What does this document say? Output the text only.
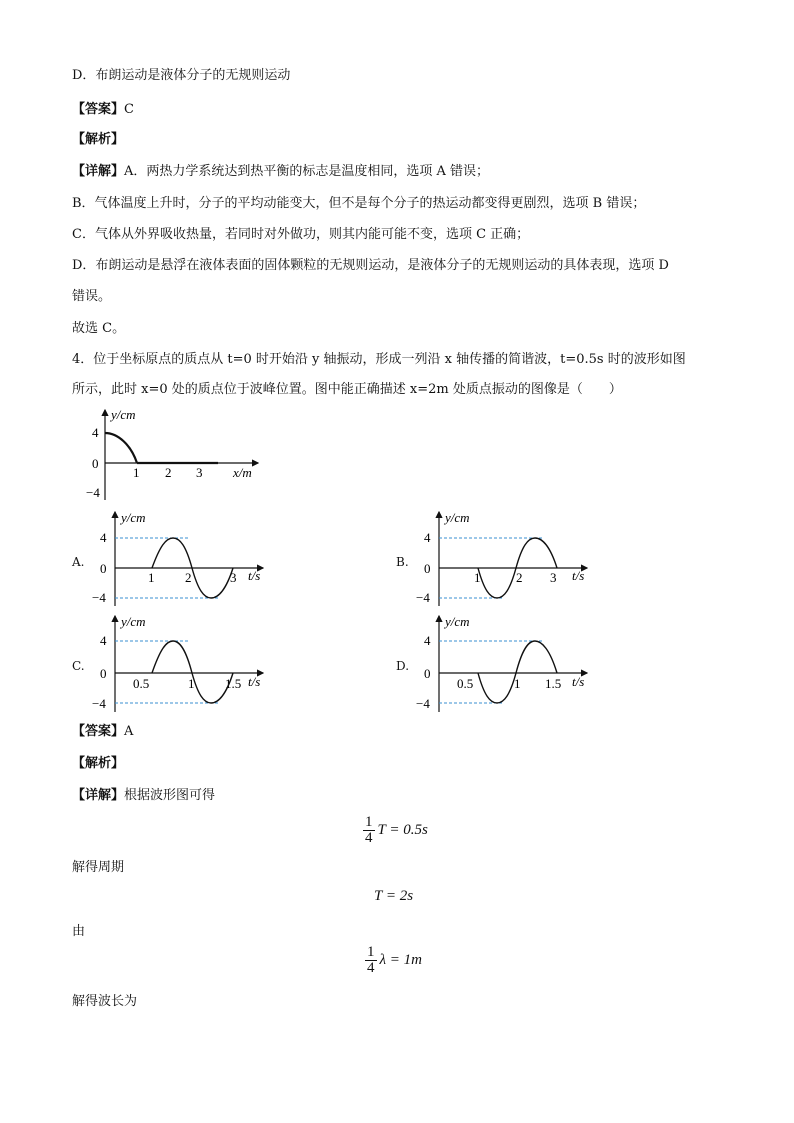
D．布朗运动是液体分子的无规则运动
【答案】C
【解析】
【详解】A．两热力学系统达到热平衡的标志是温度相同，选项 A 错误；
B．气体温度上升时，分子的平均动能变大，但不是每个分子的热运动都变得更剧烈，选项 B 错误；
C．气体从外界吸收热量，若同时对外做功，则其内能可能不变，选项 C 正确；
D．布朗运动是悬浮在液体表面的固体颗粒的无规则运动，是液体分子的无规则运动的具体表现，选项 D
错误。
故选 C。
4．位于坐标原点的质点从 t=0 时开始沿 y 轴振动，形成一列沿 x 轴传播的简谐波，t=0.5s 时的波形如图
所示，此时 x=0 处的质点位于波峰位置。图中能正确描述 x=2m 处质点振动的图像是（　　）
y/cm
x/m
4
0
−4
1 2 3
A.
y/cm
t/s
4
0
−4
1 2	3
B.
y/cm
t/s
4
0
−4
1	2 3
C.
y/cm
t/s
4
0
−4
0.5	1 1.5
D.
y/cm
t/s
4
0
−4
0.5	1 1.5
【答案】A
【解析】
【详解】根据波形图可得
$\frac{1}{4}$ T = 0.5s
解得周期
T = 2s
由
$\frac{1}{4}$ λ = 1m
解得波长为
